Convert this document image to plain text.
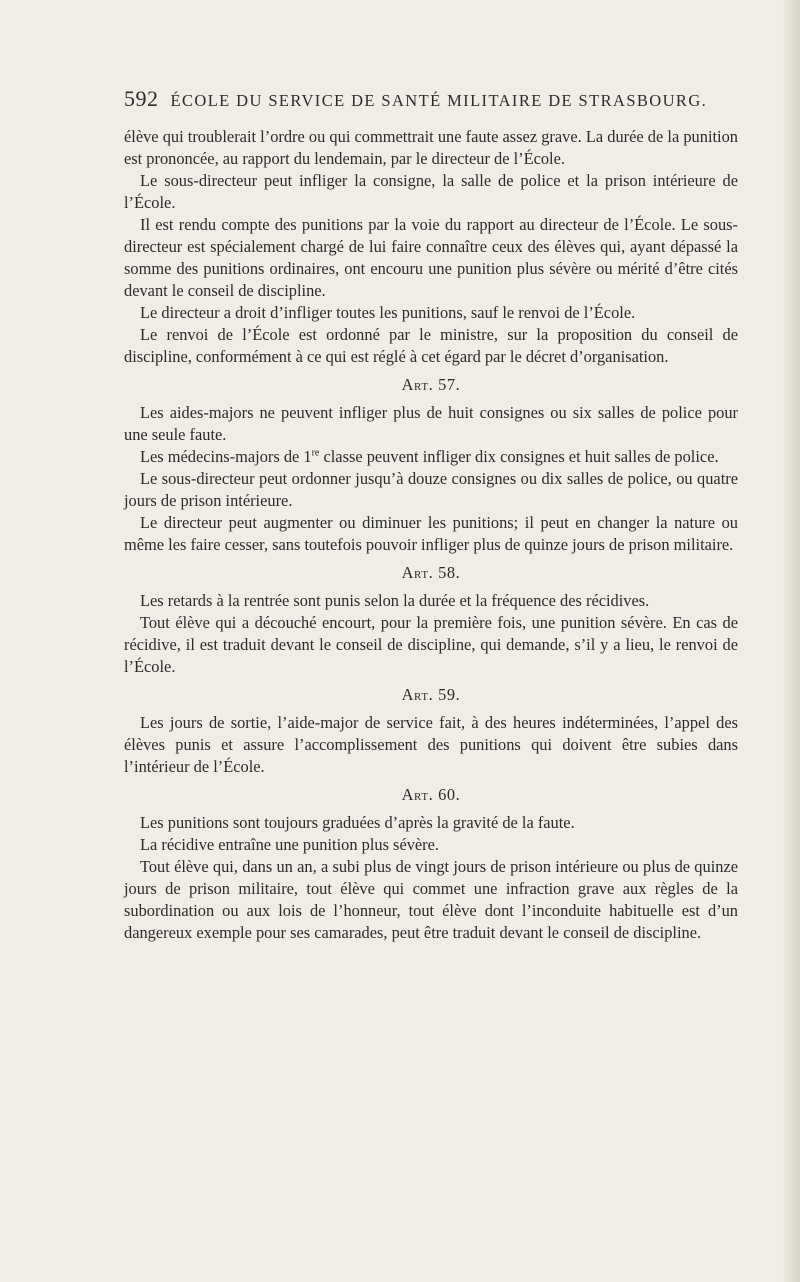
592 ÉCOLE DU SERVICE DE SANTÉ MILITAIRE DE STRASBOURG.

élève qui troublerait l’ordre ou qui commettrait une faute assez grave. La durée de la punition est prononcée, au rapport du lendemain, par le directeur de l’École.

Le sous-directeur peut infliger la consigne, la salle de police et la prison intérieure de l’École.

Il est rendu compte des punitions par la voie du rapport au directeur de l’École. Le sous-directeur est spécialement chargé de lui faire connaître ceux des élèves qui, ayant dépassé la somme des punitions ordinaires, ont encouru une punition plus sévère ou mérité d’être cités devant le conseil de discipline.

Le directeur a droit d’infliger toutes les punitions, sauf le renvoi de l’École.

Le renvoi de l’École est ordonné par le ministre, sur la proposition du conseil de discipline, conformément à ce qui est réglé à cet égard par le décret d’organisation.

Art. 57.

Les aides-majors ne peuvent infliger plus de huit consignes ou six salles de police pour une seule faute.

Les médecins-majors de 1re classe peuvent infliger dix consignes et huit salles de police.

Le sous-directeur peut ordonner jusqu’à douze consignes ou dix salles de police, ou quatre jours de prison intérieure.

Le directeur peut augmenter ou diminuer les punitions; il peut en changer la nature ou même les faire cesser, sans toutefois pouvoir infliger plus de quinze jours de prison militaire.

Art. 58.

Les retards à la rentrée sont punis selon la durée et la fréquence des récidives.

Tout élève qui a découché encourt, pour la première fois, une punition sévère. En cas de récidive, il est traduit devant le conseil de discipline, qui demande, s’il y a lieu, le renvoi de l’École.

Art. 59.

Les jours de sortie, l’aide-major de service fait, à des heures indéterminées, l’appel des élèves punis et assure l’accomplissement des punitions qui doivent être subies dans l’intérieur de l’École.

Art. 60.

Les punitions sont toujours graduées d’après la gravité de la faute.

La récidive entraîne une punition plus sévère.

Tout élève qui, dans un an, a subi plus de vingt jours de prison intérieure ou plus de quinze jours de prison militaire, tout élève qui commet une infraction grave aux règles de la subordination ou aux lois de l’honneur, tout élève dont l’inconduite habituelle est d’un dangereux exemple pour ses camarades, peut être traduit devant le conseil de discipline.
